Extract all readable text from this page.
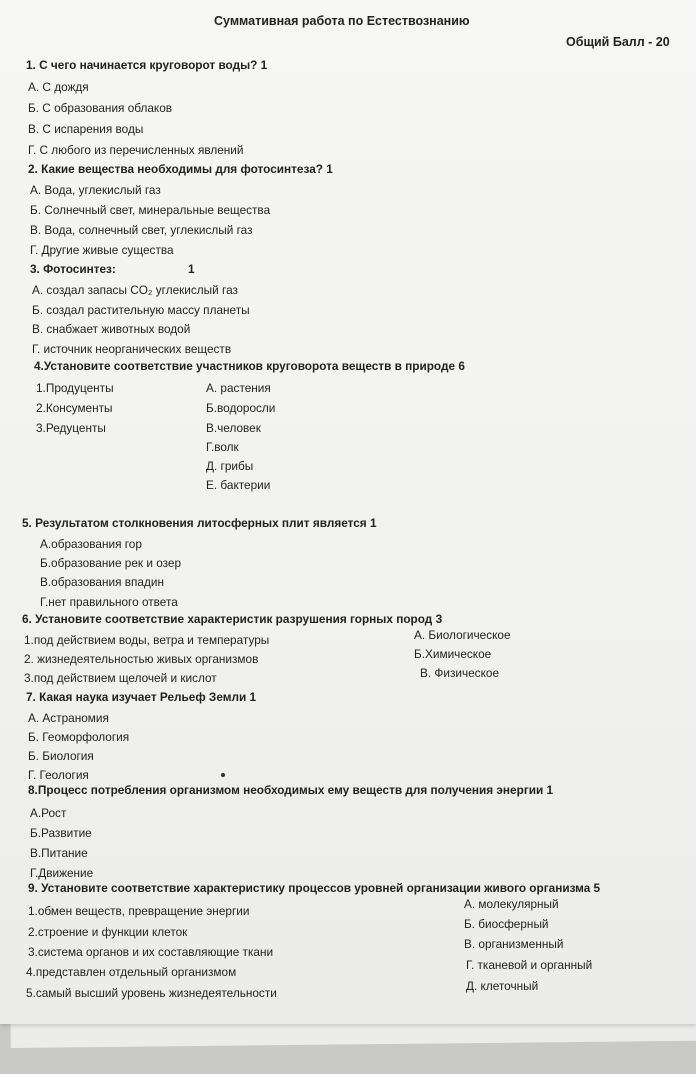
Суммативная работа по Естествознанию
Общий Балл - 20
1. С чего начинается круговорот воды? 1
А. С дождя
Б. С образования облаков
В. С испарения воды
Г. С любого из перечисленных явлений
2. Какие вещества необходимы для фотосинтеза? 1
А. Вода, углекислый газ
Б. Солнечный свет, минеральные вещества
В. Вода, солнечный свет, углекислый газ
Г. Другие живые существа
3. Фотосинтез:	1
А. создал запасы CO₂ углекислый газ
Б. создал растительную массу планеты
В. снабжает животных водой
Г. источник неорганических веществ
4.Установите соответствие участников круговорота веществ в природе 6
1.Продуценты
2.Консументы
3.Редуценты
А. растения
Б.водоросли
В.человек
Г.волк
Д. грибы
Е. бактерии
5. Результатом столкновения литосферных плит является 1
А.образования гор
Б.образование рек и озер
В.образования впадин
Г.нет правильного ответа
6. Установите соответствие характеристик разрушения горных пород 3
1.под действием воды, ветра и температуры
2. жизнедеятельностью живых организмов
3.под действием щелочей и кислот
А. Биологическое
Б.Химическое
В. Физическое
7. Какая наука изучает Рельеф Земли 1
А. Астраномия
Б. Геоморфология
Б. Биология
Г. Геология
8.Процесс потребления организмом необходимых ему веществ для получения энергии 1
А.Рост
Б.Развитие
В.Питание
Г.Движение
9. Установите соответствие характеристику процессов уровней организации живого организма 5
1.обмен веществ, превращение энергии
2.строение и функции клеток
3.система органов и их составляющие ткани
4.представлен отдельный организмом
5.самый высший уровень жизнедеятельности
А. молекулярный
Б. биосферный
В. организменный
Г. тканевой и органный
Д. клеточный
